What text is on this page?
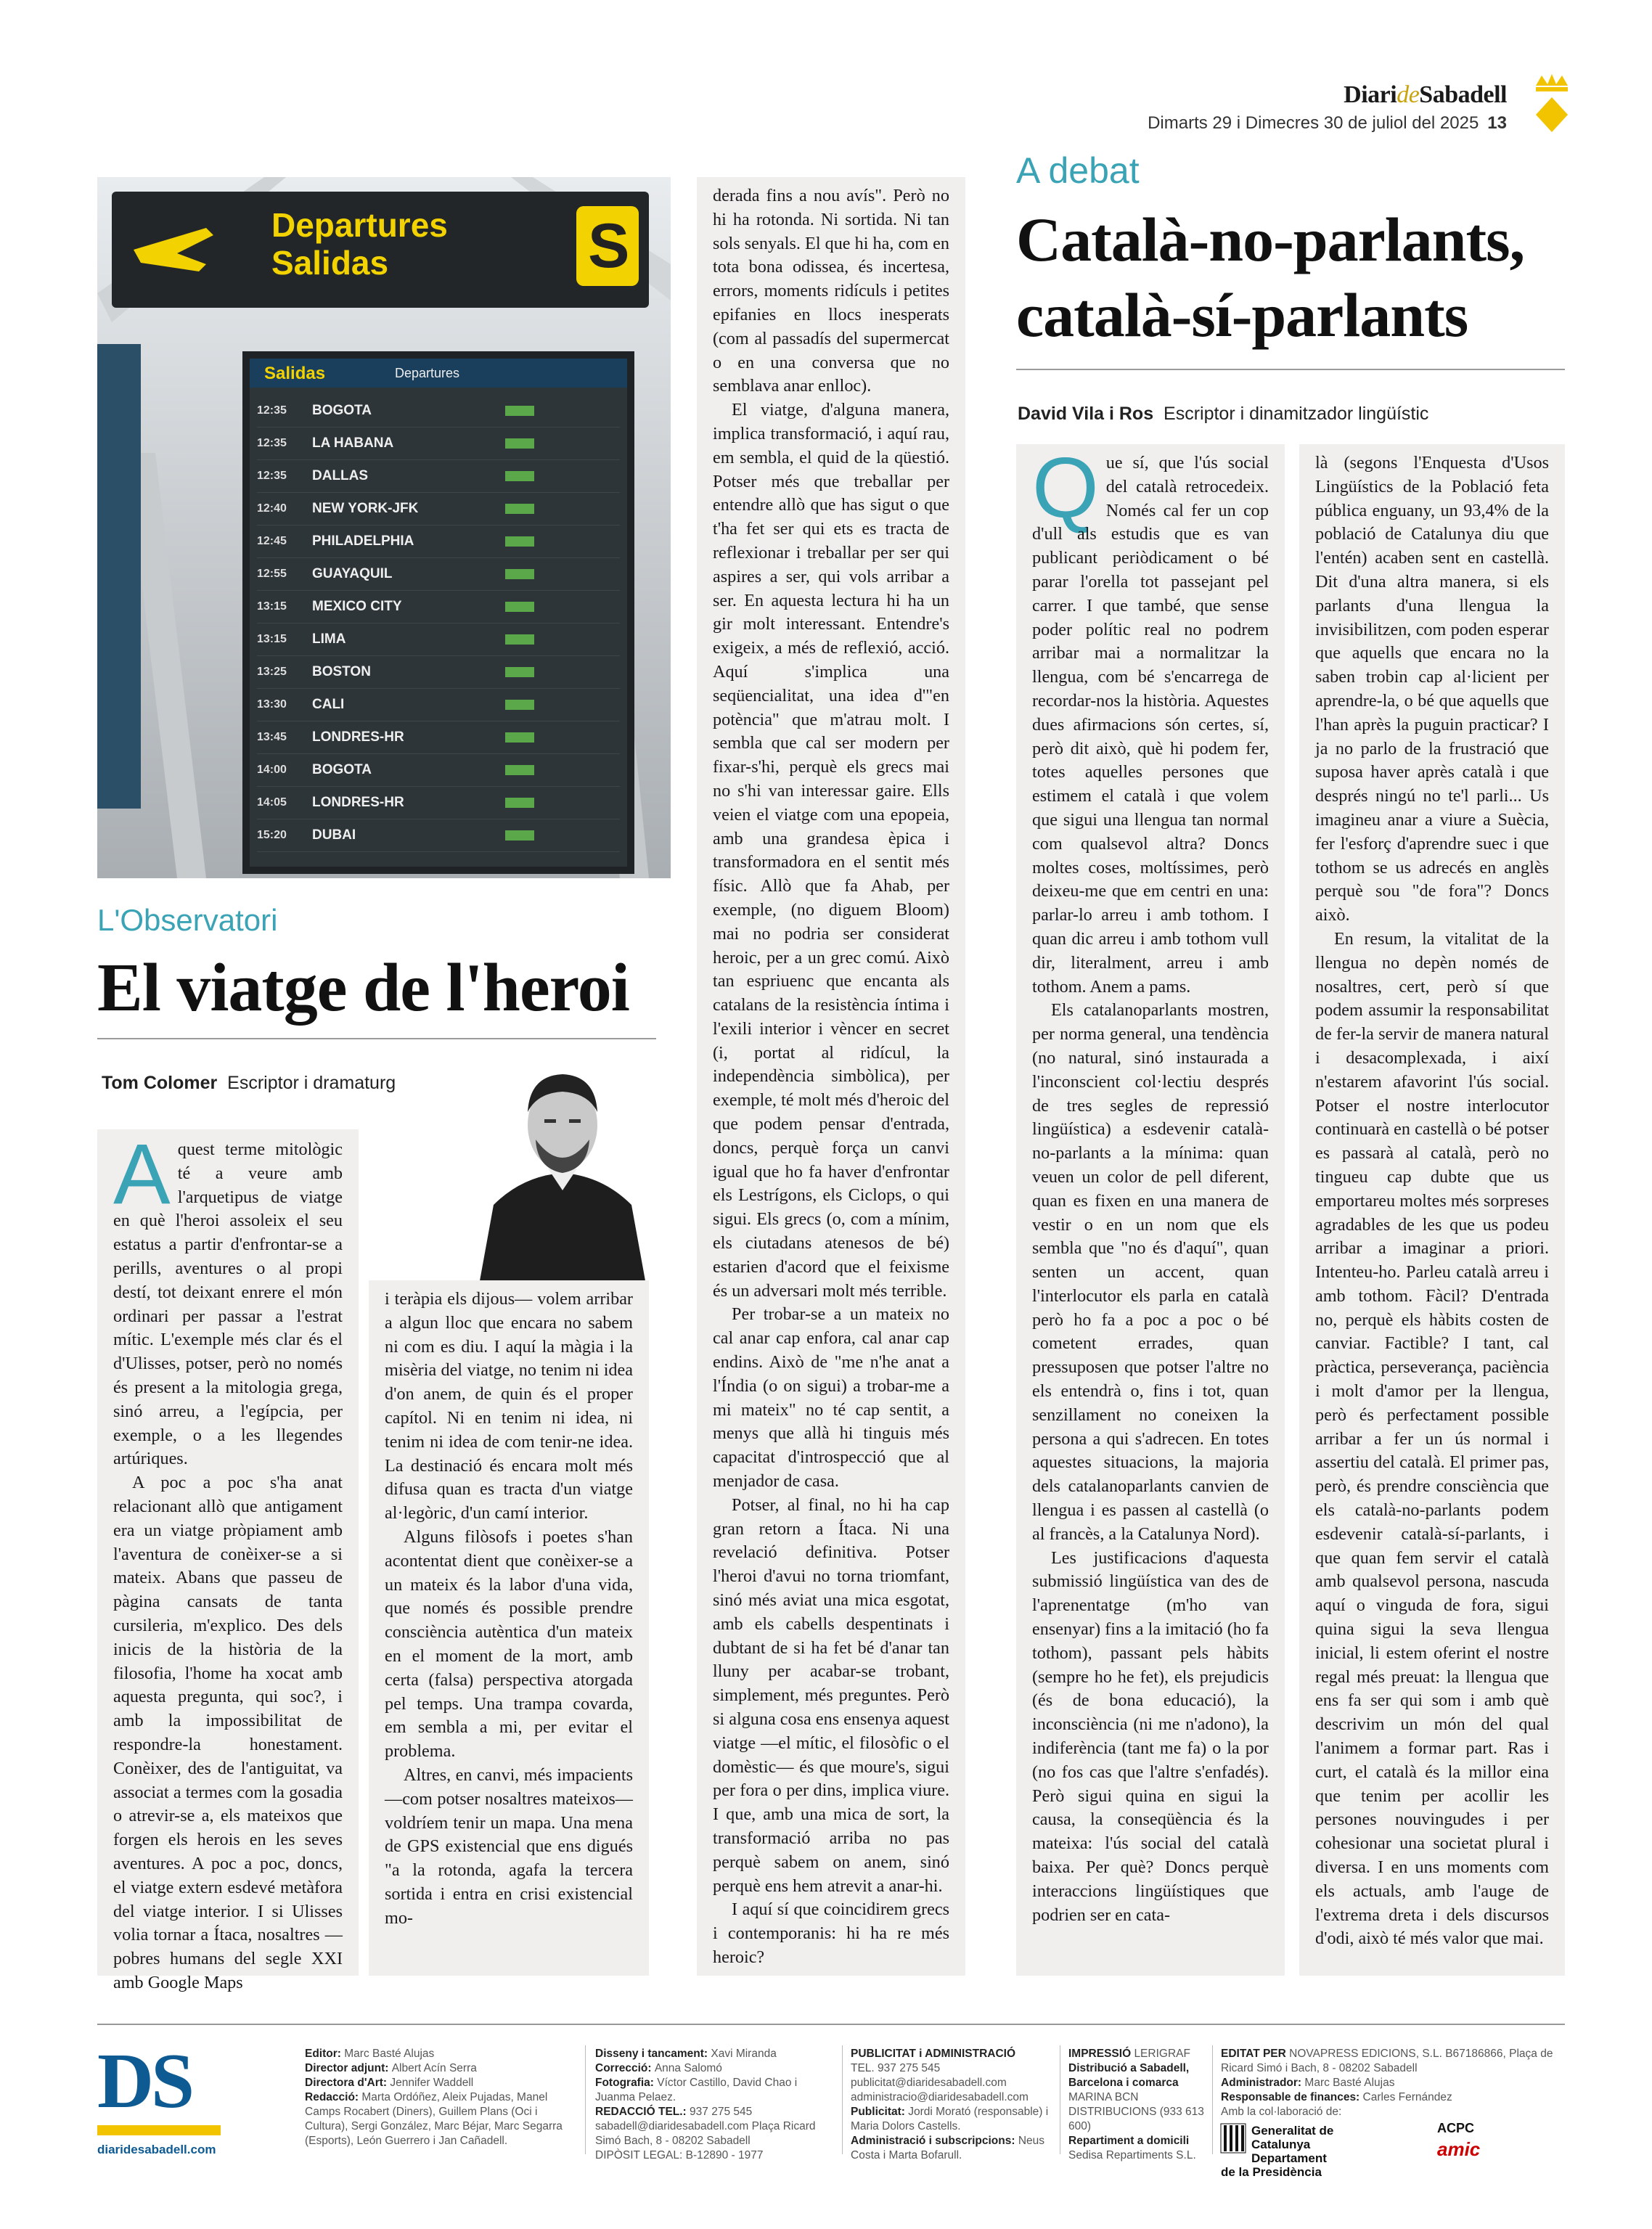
DiarideSabadell
Dimarts 29 i Dimecres 30 de juliol del 2025 13
Departures
Salidas	S
Salidas	Departures
12:35	BOGOTA
12:35	LA HABANA
12:35	DALLAS
12:40	NEW YORK-JFK
12:45	PHILADELPHIA
12:55	GUAYAQUIL
13:15	MEXICO CITY
13:15	LIMA
13:25	BOSTON
13:30	CALI
13:45	LONDRES-HR
14:00	BOGOTA
14:05	LONDRES-HR
15:20	DUBAI
L'Observatori
El viatge de l'heroi
Tom Colomer Escriptor i dramaturg

Aquest terme mitològic té a veure amb l'arquetipus de viatge en què l'heroi assoleix el seu estatus a partir d'enfrontar-se a perills, aventures o al propi destí, tot deixant enrere el món ordinari per passar a l'estrat mític. L'exemple més clar és el d'Ulisses, potser, però no només és present a la mitologia grega, sinó arreu, a l'egípcia, per exemple, o a les llegendes artúriques.

A poc a poc s'ha anat relacionant allò que antigament era un viatge pròpiament amb l'aventura de conèixer-se a si mateix. Abans que passeu de pàgina cansats de tanta cursileria, m'explico. Des dels inicis de la història de la filosofia, l'home ha xocat amb aquesta pregunta, qui soc?, i amb la impossibilitat de respondre-la honestament. Conèixer, des de l'antiguitat, va associat a termes com la gosadia o atrevir-se a, els mateixos que forgen els herois en les seves aventures. A poc a poc, doncs, el viatge extern esdevé metàfora del viatge interior. I si Ulisses volia tornar a Ítaca, nosaltres —pobres humans del segle XXI amb Google Maps

i teràpia els dijous— volem arribar a algun lloc que encara no sabem ni com es diu. I aquí la màgia i la misèria del viatge, no tenim ni idea d'on anem, de quin és el proper capítol. Ni en tenim ni idea, ni tenim ni idea de com tenir-ne idea. La destinació és encara molt més difusa quan es tracta d'un viatge al·legòric, d'un camí interior.

Alguns filòsofs i poetes s'han acontentat dient que conèixer-se a un mateix és la labor d'una vida, que només és possible prendre consciència autèntica d'un mateix en el moment de la mort, amb certa (falsa) perspectiva atorgada pel temps. Una trampa covarda, em sembla a mi, per evitar el problema.

Altres, en canvi, més impacients —com potser nosaltres mateixos— voldríem tenir un mapa. Una mena de GPS existencial que ens digués "a la rotonda, agafa la tercera sortida i entra en crisi existencial mo-

derada fins a nou avís". Però no hi ha rotonda. Ni sortida. Ni tan sols senyals. El que hi ha, com en tota bona odissea, és incertesa, errors, moments ridículs i petites epifanies en llocs inesperats (com al passadís del supermercat o en una conversa que no semblava anar enlloc).

El viatge, d'alguna manera, implica transformació, i aquí rau, em sembla, el quid de la qüestió. Potser més que treballar per entendre allò que has sigut o que t'ha fet ser qui ets es tracta de reflexionar i treballar per ser qui aspires a ser, qui vols arribar a ser. En aquesta lectura hi ha un gir molt interessant. Entendre's exigeix, a més de reflexió, acció. Aquí s'implica una seqüencialitat, una idea d'"en potència" que m'atrau molt. I sembla que cal ser modern per fixar-s'hi, perquè els grecs mai no s'hi van interessar gaire. Ells veien el viatge com una epopeia, amb una grandesa èpica i transformadora en el sentit més físic. Allò que fa Ahab, per exemple, (no diguem Bloom) mai no podria ser considerat heroic, per a un grec comú. Això tan espriuenc que encanta als catalans de la resistència íntima i l'exili interior i vèncer en secret (i, portat al ridícul, la independència simbòlica), per exemple, té molt més d'heroic del que podem pensar d'entrada, doncs, perquè força un canvi igual que ho fa haver d'enfrontar els Lestrígons, els Ciclops, o qui sigui. Els grecs (o, com a mínim, els ciutadans atenesos de bé) estarien d'acord que el feixisme és un adversari molt més terrible.

Per trobar-se a un mateix no cal anar cap enfora, cal anar cap endins. Això de "me n'he anat a l'Índia (o on sigui) a trobar-me a mi mateix" no té cap sentit, a menys que allà hi tinguis més capacitat d'introspecció que al menjador de casa.

Potser, al final, no hi ha cap gran retorn a Ítaca. Ni una revelació definitiva. Potser l'heroi d'avui no torna triomfant, sinó més aviat una mica esgotat, amb els cabells despentinats i dubtant de si ha fet bé d'anar tan lluny per acabar-se trobant, simplement, més preguntes. Però si alguna cosa ens ensenya aquest viatge —el mític, el filosòfic o el domèstic— és que moure's, sigui per fora o per dins, implica viure. I que, amb una mica de sort, la transformació arriba no pas perquè sabem on anem, sinó perquè ens hem atrevit a anar-hi.

I aquí sí que coincidirem grecs i contemporanis: hi ha re més heroic?

A debat
Català-no-parlants,
català-sí-parlants
David Vila i Ros Escriptor i dinamitzador lingüístic

Que sí, que l'ús social del català retrocedeix. Només cal fer un cop d'ull als estudis que es van publicant periòdicament o bé parar l'orella tot passejant pel carrer. I que també, que sense poder polític real no podrem arribar mai a normalitzar la llengua, com bé s'encarrega de recordar-nos la història. Aquestes dues afirmacions són certes, sí, però dit això, què hi podem fer, totes aquelles persones que estimem el català i que volem que sigui una llengua tan normal com qualsevol altra? Doncs moltes coses, moltíssimes, però deixeu-me que em centri en una: parlar-lo arreu i amb tothom. I quan dic arreu i amb tothom vull dir, literalment, arreu i amb tothom. Anem a pams.

Els catalanoparlants mostren, per norma general, una tendència (no natural, sinó instaurada a l'inconscient col·lectiu després de tres segles de repressió lingüística) a esdevenir català-no-parlants a la mínima: quan veuen un color de pell diferent, quan es fixen en una manera de vestir o en un nom que els sembla que "no és d'aquí", quan senten un accent, quan l'interlocutor els parla en català però ho fa a poc a poc o bé cometent errades, quan pressuposen que potser l'altre no els entendrà o, fins i tot, quan senzillament no coneixen la persona a qui s'adrecen. En totes aquestes situacions, la majoria dels catalanoparlants canvien de llengua i es passen al castellà (o al francès, a la Catalunya Nord).

Les justificacions d'aquesta submissió lingüística van des de l'aprenentatge (m'ho van ensenyar) fins a la imitació (ho fa tothom), passant pels hàbits (sempre ho he fet), els prejudicis (és de bona educació), la inconsciència (ni me n'adono), la indiferència (tant me fa) o la por (no fos cas que l'altre s'enfadés). Però sigui quina en sigui la causa, la conseqüència és la mateixa: l'ús social del català baixa. Per què? Doncs perquè interaccions lingüístiques que podrien ser en cata-

là (segons l'Enquesta d'Usos Lingüístics de la Població feta pública enguany, un 93,4% de la població de Catalunya diu que l'entén) acaben sent en castellà. Dit d'una altra manera, si els parlants d'una llengua la invisibilitzen, com poden esperar que aquells que encara no la saben trobin cap al·licient per aprendre-la, o bé que aquells que l'han après la puguin practicar? I ja no parlo de la frustració que suposa haver après català i que després ningú no te'l parli... Us imagineu anar a viure a Suècia, fer l'esforç d'aprendre suec i que tothom se us adrecés en anglès perquè sou "de fora"? Doncs això.

En resum, la vitalitat de la llengua no depèn només de nosaltres, cert, però sí que podem assumir la responsabilitat de fer-la servir de manera natural i desacomplexada, i així n'estarem afavorint l'ús social. Potser el nostre interlocutor continuarà en castellà o bé potser es passarà al català, però no tingueu cap dubte que us emportareu moltes més sorpreses agradables de les que us podeu arribar a imaginar a priori. Intenteu-ho. Parleu català arreu i amb tothom. Fàcil? D'entrada no, perquè els hàbits costen de canviar. Factible? I tant, cal pràctica, perseverança, paciència i molt d'amor per la llengua, però és perfectament possible arribar a fer un ús normal i assertiu del català. El primer pas, però, és prendre consciència que els català-no-parlants podem esdevenir català-sí-parlants, i que quan fem servir el català amb qualsevol persona, nascuda aquí o vinguda de fora, sigui quina sigui la seva llengua inicial, li estem oferint el nostre regal més preuat: la llengua que ens fa ser qui som i amb què descrivim un món del qual l'animem a formar part. Ras i curt, el català és la millor eina que tenim per acollir les persones nouvingudes i per cohesionar una societat plural i diversa. I en uns moments com els actuals, amb l'auge de l'extrema dreta i dels discursos d'odi, això té més valor que mai.

DS
diaridesabadell.com
Editor: Marc Basté Alujas
Director adjunt: Albert Acín Serra
Directora d'Art: Jennifer Waddell
Redacció: Marta Ordóñez, Aleix Pujadas, Manel Camps Rocabert (Diners), Guillem Plans (Oci i Cultura), Sergi González, Marc Béjar, Marc Segarra (Esports), León Guerrero i Jan Cañadell.
Disseny i tancament: Xavi Miranda
Correcció: Anna Salomó
Fotografia: Víctor Castillo, David Chao i Juanma Pelaez.
REDACCIÓ TEL.: 937 275 545 sabadell@diaridesabadell.com Plaça Ricard Simó Bach, 8 - 08202 Sabadell
DIPÒSIT LEGAL: B-12890 - 1977
PUBLICITAT i ADMINISTRACIÓ
TEL. 937 275 545 publicitat@diaridesabadell.com administracio@diaridesabadell.com
Publicitat: Jordi Morató (responsable) i Maria Dolors Castells.
Administració i subscripcions: Neus Costa i Marta Bofarull.
IMPRESSIÓ LERIGRAF
Distribució a Sabadell, Barcelona i comarca MARINA BCN DISTRIBUCIONS (933 613 600)
Repartiment a domicili Sedisa Repartiments S.L.
EDITAT PER NOVAPRESS EDICIONS, S.L. B67186866, Plaça de Ricard Simó i Bach, 8 - 08202 Sabadell
Administrador: Marc Basté Alujas
Responsable de finances: Carles Fernández
Amb la col·laboració de:
Generalitat de Catalunya
Departament
de la Presidència
ACPC
amic
